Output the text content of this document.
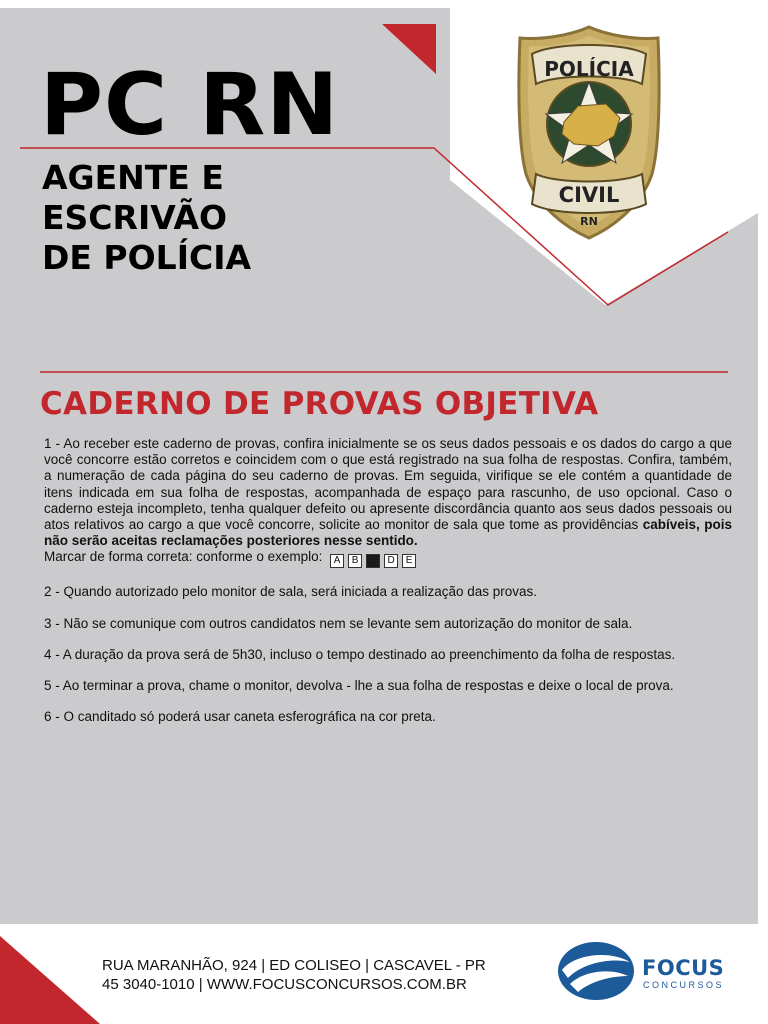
PC RN
AGENTE E
ESCRIVÃO
DE POLÍCIA
POLÍCIA
CIVIL
RN
CADERNO DE PROVAS OBJETIVA
1 - Ao receber este caderno de provas, confira inicialmente se os seus dados pessoais e os dados do cargo a que você concorre estão corretos e coincidem com o que está registrado na sua folha de respostas. Confira, também, a numeração de cada página do seu caderno de provas. Em seguida, virifique se ele contém a quantidade de itens indicada em sua folha de respostas, acompanhada de espaço para rascunho, de uso opcional. Caso o caderno esteja incompleto, tenha qualquer defeito ou apresente discordância quanto aos seus dados pessoais ou atos relativos ao cargo a que você concorre, solicite ao monitor de sala que tome as providências cabíveis, pois não serão aceitas reclamações posteriores nesse sentido.
Marcar de forma correta: conforme o exemplo: A B C D E
2 - Quando autorizado pelo monitor de sala, será iniciada a realização das provas.
3 - Não se comunique com outros candidatos nem se levante sem autorização do monitor de sala.
4 - A duração da prova será de 5h30, incluso o tempo destinado ao preenchimento da folha de respostas.
5 - Ao terminar a prova, chame o monitor, devolva - lhe a sua folha de respostas e deixe o local de prova.
6 - O canditado só poderá usar caneta esferográfica na cor preta.
RUA MARANHÃO, 924 | ED COLISEO | CASCAVEL - PR
45 3040-1010 | WWW.FOCUSCONCURSOS.COM.BR
FOCUS
CONCURSOS
